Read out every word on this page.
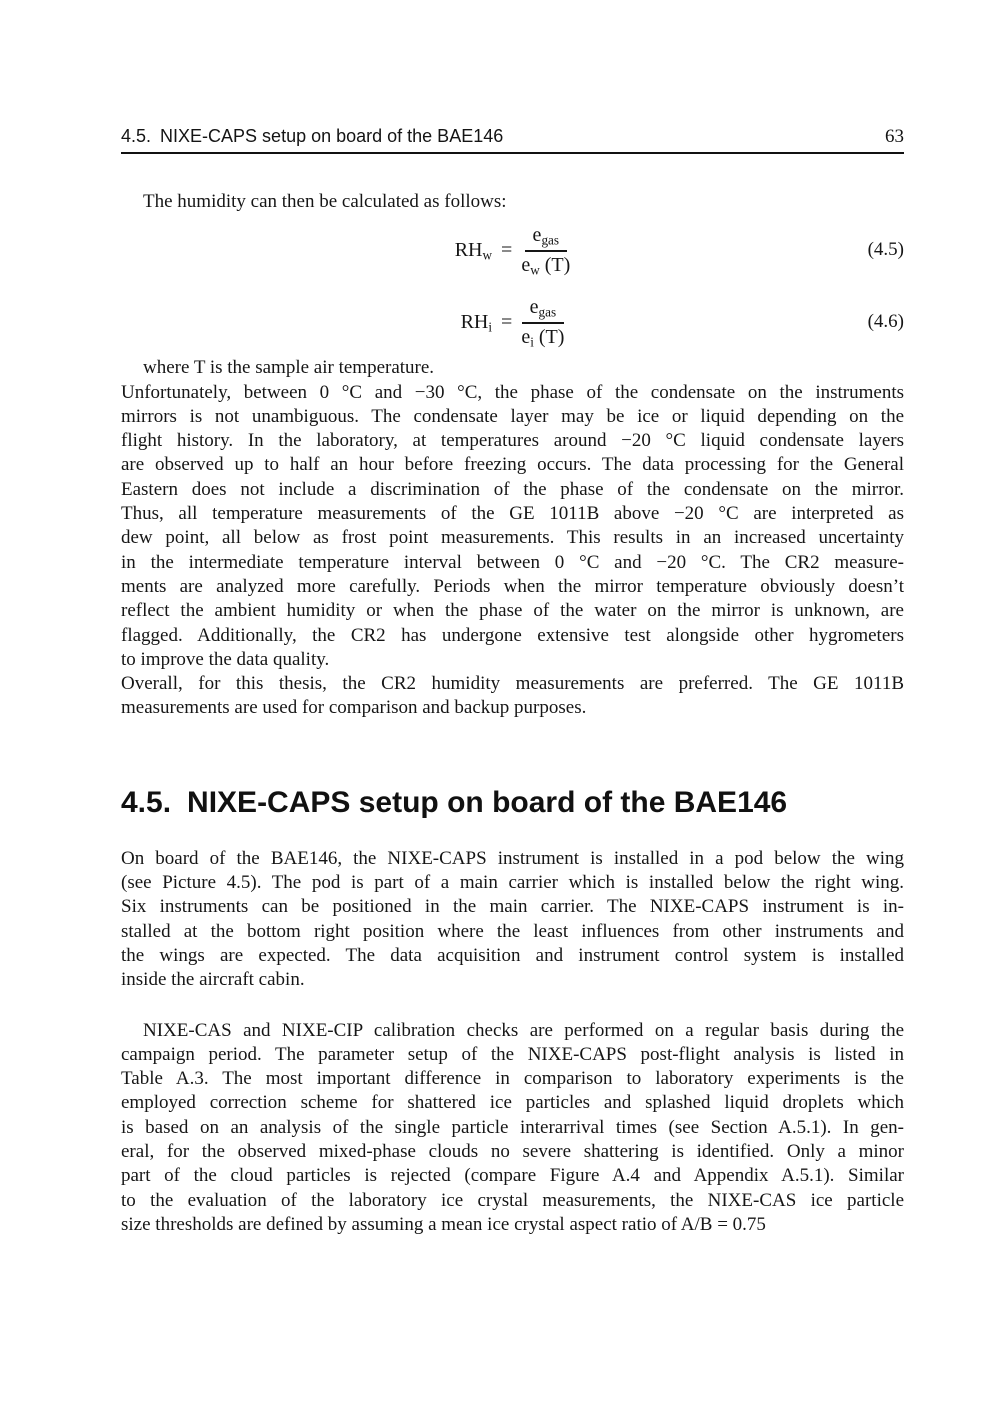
4.5. NIXE-CAPS setup on board of the BAE146	63
The humidity can then be calculated as follows:
$RH_w = \frac{e_{gas}}{e_w (T)}$	(4.5)
$RH_i = \frac{e_{gas}}{e_i (T)}$	(4.6)
where T is the sample air temperature.
Unfortunately, between 0 °C and −30 °C, the phase of the condensate on the instruments
mirrors is not unambiguous. The condensate layer may be ice or liquid depending on the
flight history. In the laboratory, at temperatures around −20 °C liquid condensate layers
are observed up to half an hour before freezing occurs. The data processing for the General
Eastern does not include a discrimination of the phase of the condensate on the mirror.
Thus, all temperature measurements of the GE 1011B above −20 °C are interpreted as
dew point, all below as frost point measurements. This results in an increased uncertainty
in the intermediate temperature interval between 0 °C and −20 °C. The CR2 measure-
ments are analyzed more carefully. Periods when the mirror temperature obviously doesn’t
reflect the ambient humidity or when the phase of the water on the mirror is unknown, are
flagged. Additionally, the CR2 has undergone extensive test alongside other hygrometers
to improve the data quality.
Overall, for this thesis, the CR2 humidity measurements are preferred. The GE 1011B
measurements are used for comparison and backup purposes.
4.5. NIXE-CAPS setup on board of the BAE146
On board of the BAE146, the NIXE-CAPS instrument is installed in a pod below the wing
(see Picture 4.5). The pod is part of a main carrier which is installed below the right wing.
Six instruments can be positioned in the main carrier. The NIXE-CAPS instrument is in-
stalled at the bottom right position where the least influences from other instruments and
the wings are expected. The data acquisition and instrument control system is installed
inside the aircraft cabin.
NIXE-CAS and NIXE-CIP calibration checks are performed on a regular basis during the
campaign period. The parameter setup of the NIXE-CAPS post-flight analysis is listed in
Table A.3. The most important difference in comparison to laboratory experiments is the
employed correction scheme for shattered ice particles and splashed liquid droplets which
is based on an analysis of the single particle interarrival times (see Section A.5.1). In gen-
eral, for the observed mixed-phase clouds no severe shattering is identified. Only a minor
part of the cloud particles is rejected (compare Figure A.4 and Appendix A.5.1). Similar
to the evaluation of the laboratory ice crystal measurements, the NIXE-CAS ice particle
size thresholds are defined by assuming a mean ice crystal aspect ratio of A/B = 0.75
